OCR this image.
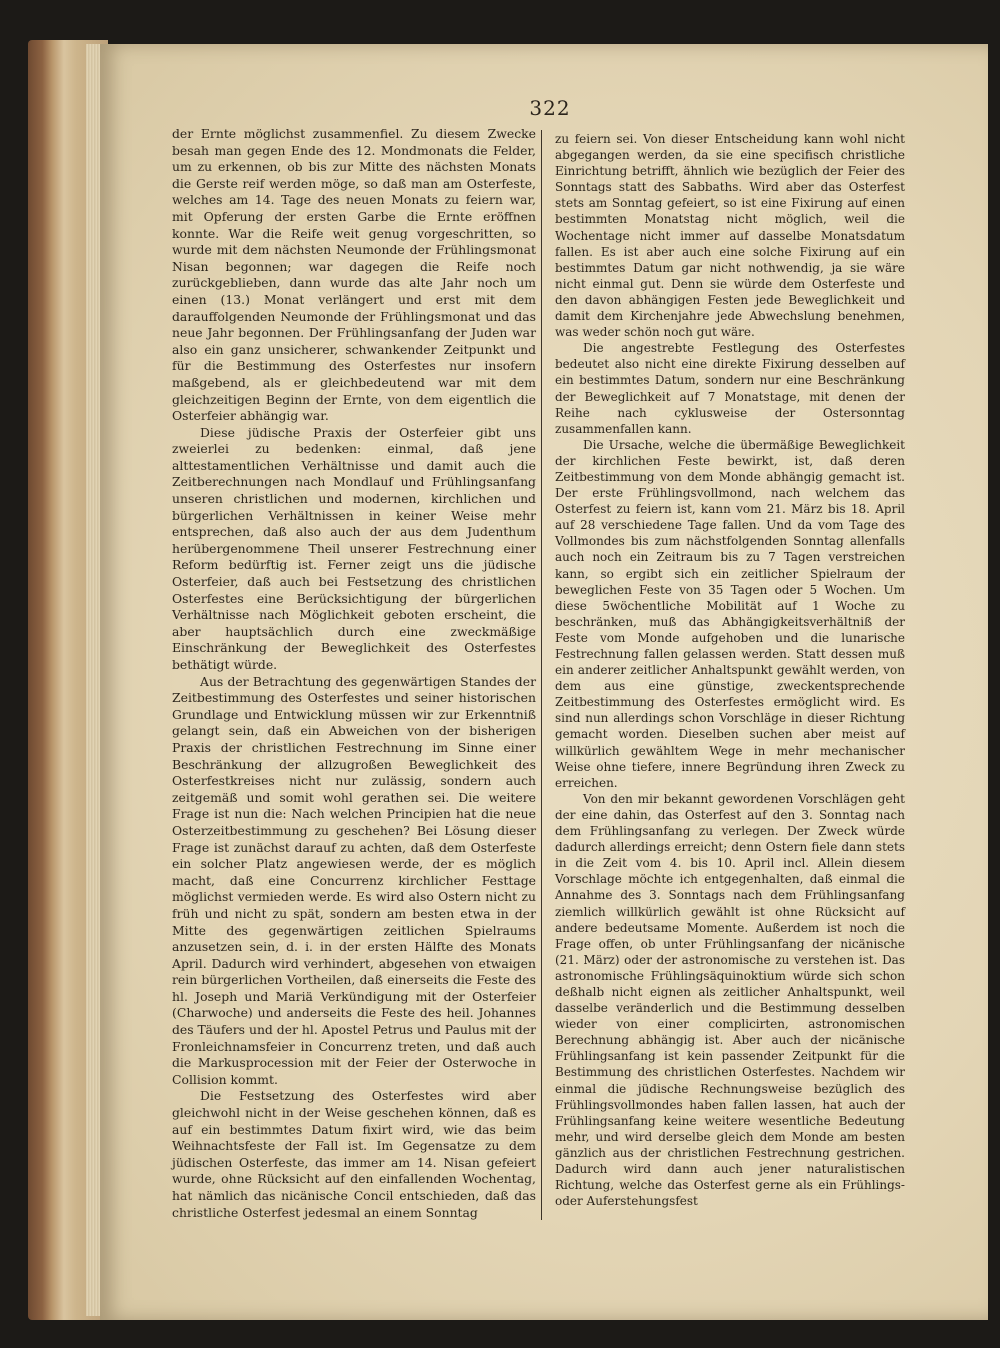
322

der Ernte möglichst zusammenfiel. Zu diesem Zwecke besah man gegen Ende des 12. Mondmonats die Felder, um zu erkennen, ob bis zur Mitte des nächsten Monats die Gerste reif werden möge, so daß man am Osterfeste, welches am 14. Tage des neuen Monats zu feiern war, mit Opferung der ersten Garbe die Ernte eröffnen konnte. War die Reife weit genug vorgeschritten, so wurde mit dem nächsten Neumonde der Frühlingsmonat Nisan begonnen; war dagegen die Reife noch zurückgeblieben, dann wurde das alte Jahr noch um einen (13.) Monat verlängert und erst mit dem darauffolgenden Neumonde der Frühlingsmonat und das neue Jahr begonnen. Der Frühlingsanfang der Juden war also ein ganz unsicherer, schwankender Zeitpunkt und für die Bestimmung des Osterfestes nur insofern maßgebend, als er gleichbedeutend war mit dem gleichzeitigen Beginn der Ernte, von dem eigentlich die Osterfeier abhängig war.

Diese jüdische Praxis der Osterfeier gibt uns zweierlei zu bedenken: einmal, daß jene alttestamentlichen Verhältnisse und damit auch die Zeitberechnungen nach Mondlauf und Frühlingsanfang unseren christlichen und modernen, kirchlichen und bürgerlichen Verhältnissen in keiner Weise mehr entsprechen, daß also auch der aus dem Judenthum herübergenommene Theil unserer Festrechnung einer Reform bedürftig ist. Ferner zeigt uns die jüdische Osterfeier, daß auch bei Festsetzung des christlichen Osterfestes eine Berücksichtigung der bürgerlichen Verhältnisse nach Möglichkeit geboten erscheint, die aber hauptsächlich durch eine zweckmäßige Einschränkung der Beweglichkeit des Osterfestes bethätigt würde.

Aus der Betrachtung des gegenwärtigen Standes der Zeitbestimmung des Osterfestes und seiner historischen Grundlage und Entwicklung müssen wir zur Erkenntniß gelangt sein, daß ein Abweichen von der bisherigen Praxis der christlichen Festrechnung im Sinne einer Beschränkung der allzugroßen Beweglichkeit des Osterfestkreises nicht nur zulässig, sondern auch zeitgemäß und somit wohl gerathen sei. Die weitere Frage ist nun die: Nach welchen Principien hat die neue Osterzeitbestimmung zu geschehen? Bei Lösung dieser Frage ist zunächst darauf zu achten, daß dem Osterfeste ein solcher Platz angewiesen werde, der es möglich macht, daß eine Concurrenz kirchlicher Festtage möglichst vermieden werde. Es wird also Ostern nicht zu früh und nicht zu spät, sondern am besten etwa in der Mitte des gegenwärtigen zeitlichen Spielraums anzusetzen sein, d. i. in der ersten Hälfte des Monats April. Dadurch wird verhindert, abgesehen von etwaigen rein bürgerlichen Vortheilen, daß einerseits die Feste des hl. Joseph und Mariä Verkündigung mit der Osterfeier (Charwoche) und anderseits die Feste des heil. Johannes des Täufers und der hl. Apostel Petrus und Paulus mit der Fronleichnamsfeier in Concurrenz treten, und daß auch die Markusprocession mit der Feier der Osterwoche in Collision kommt.

Die Festsetzung des Osterfestes wird aber gleichwohl nicht in der Weise geschehen können, daß es auf ein bestimmtes Datum fixirt wird, wie das beim Weihnachtsfeste der Fall ist. Im Gegensatze zu dem jüdischen Osterfeste, das immer am 14. Nisan gefeiert wurde, ohne Rücksicht auf den einfallenden Wochentag, hat nämlich das nicänische Concil entschieden, daß das christliche Osterfest jedesmal an einem Sonntag

zu feiern sei. Von dieser Entscheidung kann wohl nicht abgegangen werden, da sie eine specifisch christliche Einrichtung betrifft, ähnlich wie bezüglich der Feier des Sonntags statt des Sabbaths. Wird aber das Osterfest stets am Sonntag gefeiert, so ist eine Fixirung auf einen bestimmten Monatstag nicht möglich, weil die Wochentage nicht immer auf dasselbe Monatsdatum fallen. Es ist aber auch eine solche Fixirung auf ein bestimmtes Datum gar nicht nothwendig, ja sie wäre nicht einmal gut. Denn sie würde dem Osterfeste und den davon abhängigen Festen jede Beweglichkeit und damit dem Kirchenjahre jede Abwechslung benehmen, was weder schön noch gut wäre.

Die angestrebte Festlegung des Osterfestes bedeutet also nicht eine direkte Fixirung desselben auf ein bestimmtes Datum, sondern nur eine Beschränkung der Beweglichkeit auf 7 Monatstage, mit denen der Reihe nach cyklusweise der Ostersonntag zusammenfallen kann.

Die Ursache, welche die übermäßige Beweglichkeit der kirchlichen Feste bewirkt, ist, daß deren Zeitbestimmung von dem Monde abhängig gemacht ist. Der erste Frühlingsvollmond, nach welchem das Osterfest zu feiern ist, kann vom 21. März bis 18. April auf 28 verschiedene Tage fallen. Und da vom Tage des Vollmondes bis zum nächstfolgenden Sonntag allenfalls auch noch ein Zeitraum bis zu 7 Tagen verstreichen kann, so ergibt sich ein zeitlicher Spielraum der beweglichen Feste von 35 Tagen oder 5 Wochen. Um diese 5wöchentliche Mobilität auf 1 Woche zu beschränken, muß das Abhängigkeitsverhältniß der Feste vom Monde aufgehoben und die lunarische Festrechnung fallen gelassen werden. Statt dessen muß ein anderer zeitlicher Anhaltspunkt gewählt werden, von dem aus eine günstige, zweckentsprechende Zeitbestimmung des Osterfestes ermöglicht wird. Es sind nun allerdings schon Vorschläge in dieser Richtung gemacht worden. Dieselben suchen aber meist auf willkürlich gewähltem Wege in mehr mechanischer Weise ohne tiefere, innere Begründung ihren Zweck zu erreichen.

Von den mir bekannt gewordenen Vorschlägen geht der eine dahin, das Osterfest auf den 3. Sonntag nach dem Frühlingsanfang zu verlegen. Der Zweck würde dadurch allerdings erreicht; denn Ostern fiele dann stets in die Zeit vom 4. bis 10. April incl. Allein diesem Vorschlage möchte ich entgegenhalten, daß einmal die Annahme des 3. Sonntags nach dem Frühlingsanfang ziemlich willkürlich gewählt ist ohne Rücksicht auf andere bedeutsame Momente. Außerdem ist noch die Frage offen, ob unter Frühlingsanfang der nicänische (21. März) oder der astronomische zu verstehen ist. Das astronomische Frühlingsäquinoktium würde sich schon deßhalb nicht eignen als zeitlicher Anhaltspunkt, weil dasselbe veränderlich und die Bestimmung desselben wieder von einer complicirten, astronomischen Berechnung abhängig ist. Aber auch der nicänische Frühlingsanfang ist kein passender Zeitpunkt für die Bestimmung des christlichen Osterfestes. Nachdem wir einmal die jüdische Rechnungsweise bezüglich des Frühlingsvollmondes haben fallen lassen, hat auch der Frühlingsanfang keine weitere wesentliche Bedeutung mehr, und wird derselbe gleich dem Monde am besten gänzlich aus der christlichen Festrechnung gestrichen. Dadurch wird dann auch jener naturalistischen Richtung, welche das Osterfest gerne als ein Frühlings- oder Auferstehungsfest
